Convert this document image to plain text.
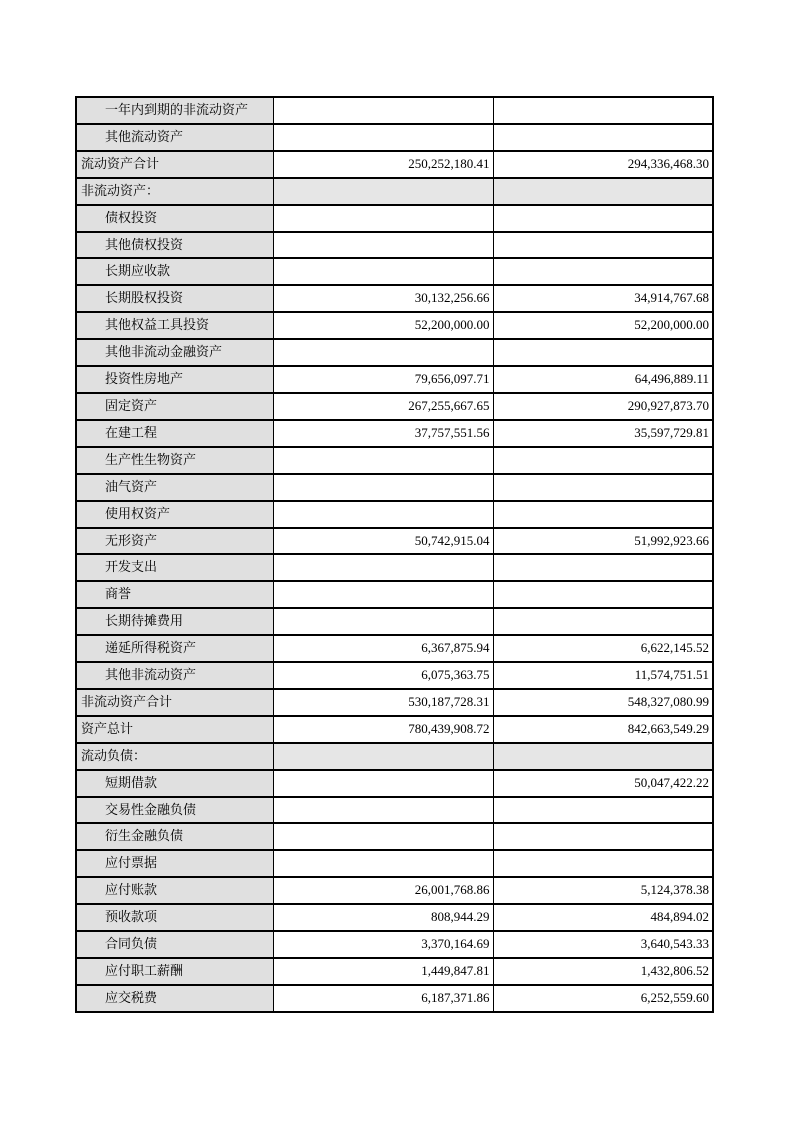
一年内到期的非流动资产		
其他流动资产		
流动资产合计	250,252,180.41	294,336,468.30
非流动资产：		
债权投资		
其他债权投资		
长期应收款		
长期股权投资	30,132,256.66	34,914,767.68
其他权益工具投资	52,200,000.00	52,200,000.00
其他非流动金融资产		
投资性房地产	79,656,097.71	64,496,889.11
固定资产	267,255,667.65	290,927,873.70
在建工程	37,757,551.56	35,597,729.81
生产性生物资产		
油气资产		
使用权资产		
无形资产	50,742,915.04	51,992,923.66
开发支出		
商誉		
长期待摊费用		
递延所得税资产	6,367,875.94	6,622,145.52
其他非流动资产	6,075,363.75	11,574,751.51
非流动资产合计	530,187,728.31	548,327,080.99
资产总计	780,439,908.72	842,663,549.29
流动负债：		
短期借款		50,047,422.22
交易性金融负债		
衍生金融负债		
应付票据		
应付账款	26,001,768.86	5,124,378.38
预收款项	808,944.29	484,894.02
合同负债	3,370,164.69	3,640,543.33
应付职工薪酬	1,449,847.81	1,432,806.52
应交税费	6,187,371.86	6,252,559.60
